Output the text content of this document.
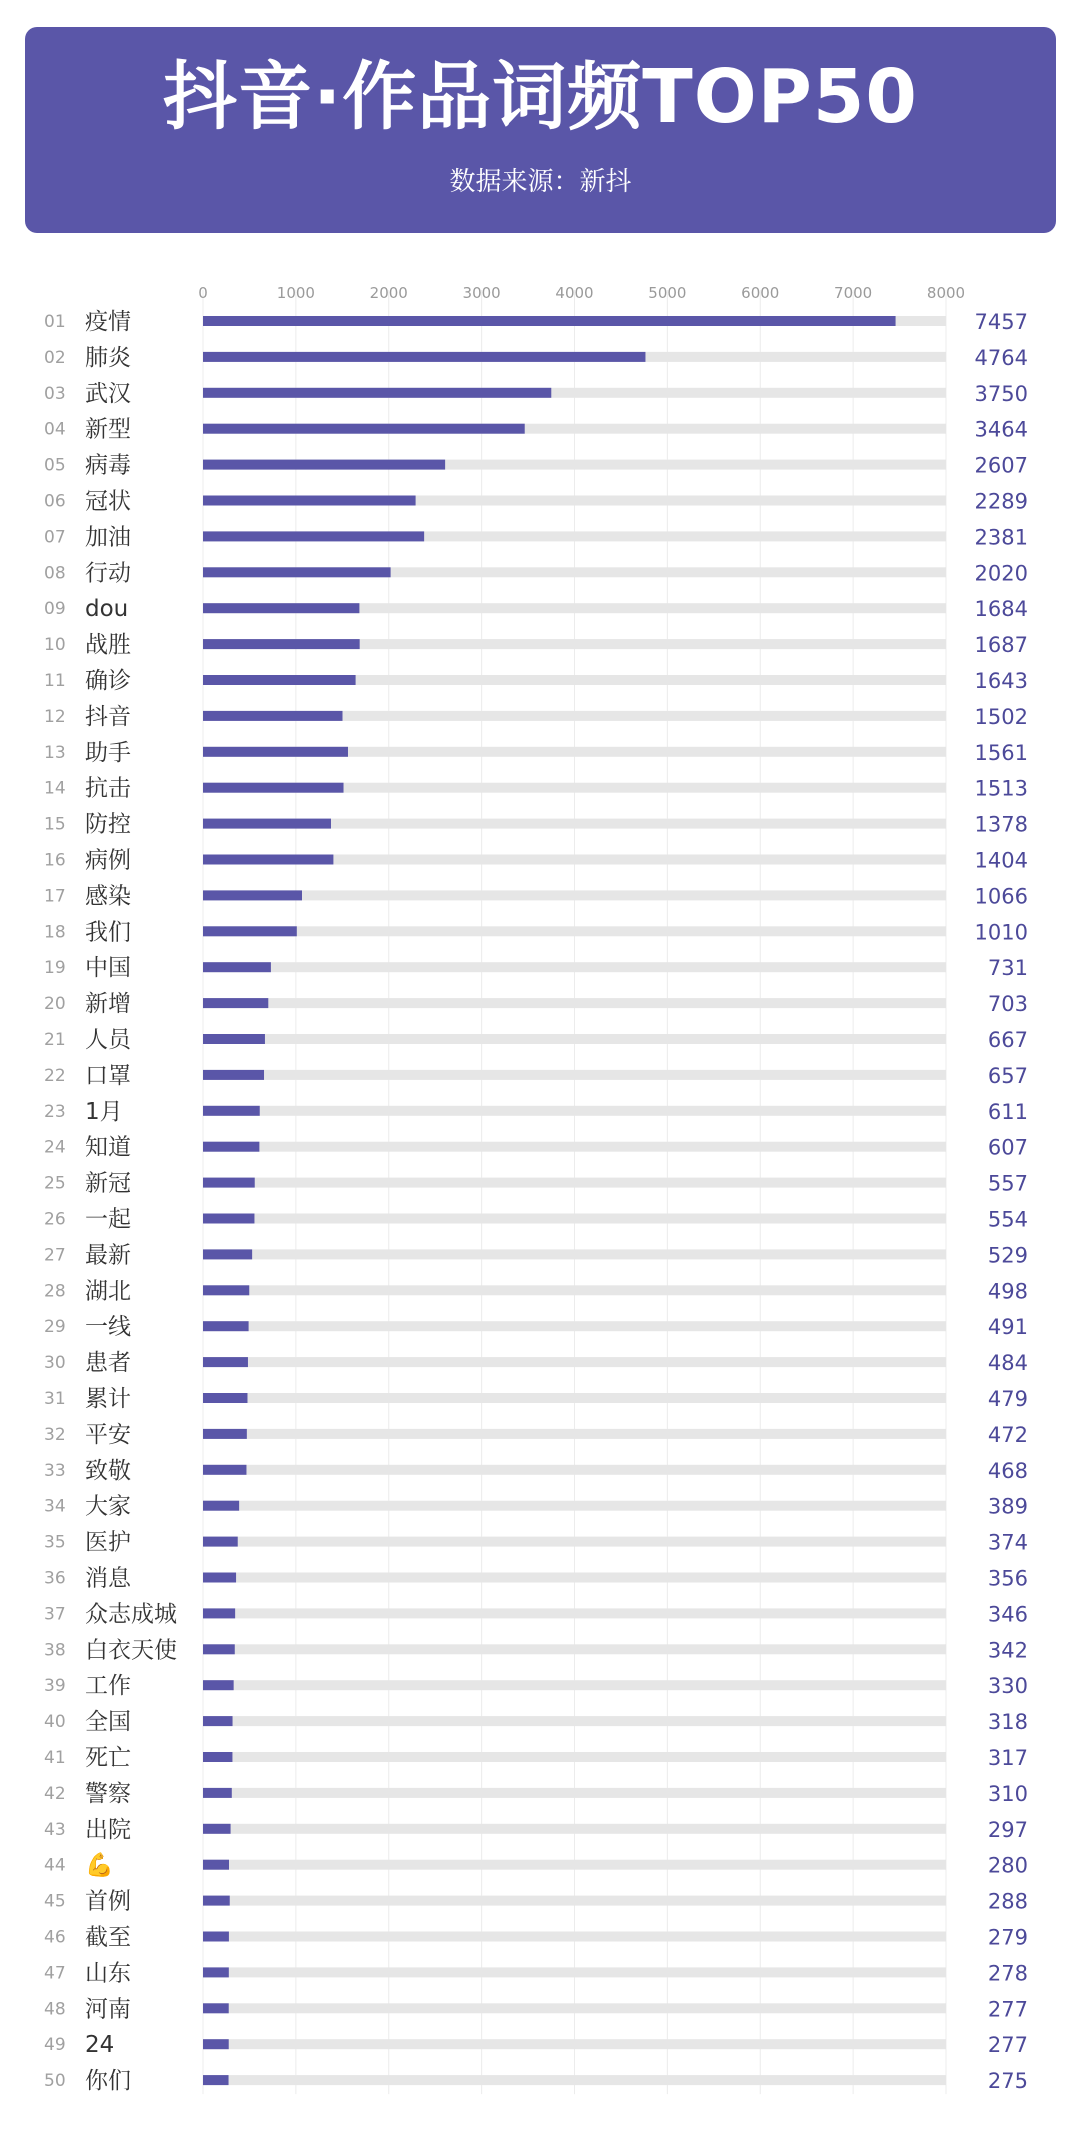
抖音·作品词频TOP50
数据来源：新抖
0	1000	2000	3000	4000	5000	6000	7000	8000
01 疫情	7457
02 肺炎	4764
03 武汉	3750
04 新型	3464
05 病毒	2607
06 冠状	2289
07 加油	2381
08 行动	2020
09 dou	1684
10 战胜	1687
11 确诊	1643
12 抖音	1502
13 助手	1561
14 抗击	1513
15 防控	1378
16 病例	1404
17 感染	1066
18 我们	1010
19 中国	731
20 新增	703
21 人员	667
22 口罩	657
23 1月	611
24 知道	607
25 新冠	557
26 一起	554
27 最新	529
28 湖北	498
29 一线	491
30 患者	484
31 累计	479
32 平安	472
33 致敬	468
34 大家	389
35 医护	374
36 消息	356
37 众志成城	346
38 白衣天使	342
39 工作	330
40 全国	318
41 死亡	317
42 警察	310
43 出院	297
44 💪	280
45 首例	288
46 截至	279
47 山东	278
48 河南	277
49 24	277
50 你们	275
